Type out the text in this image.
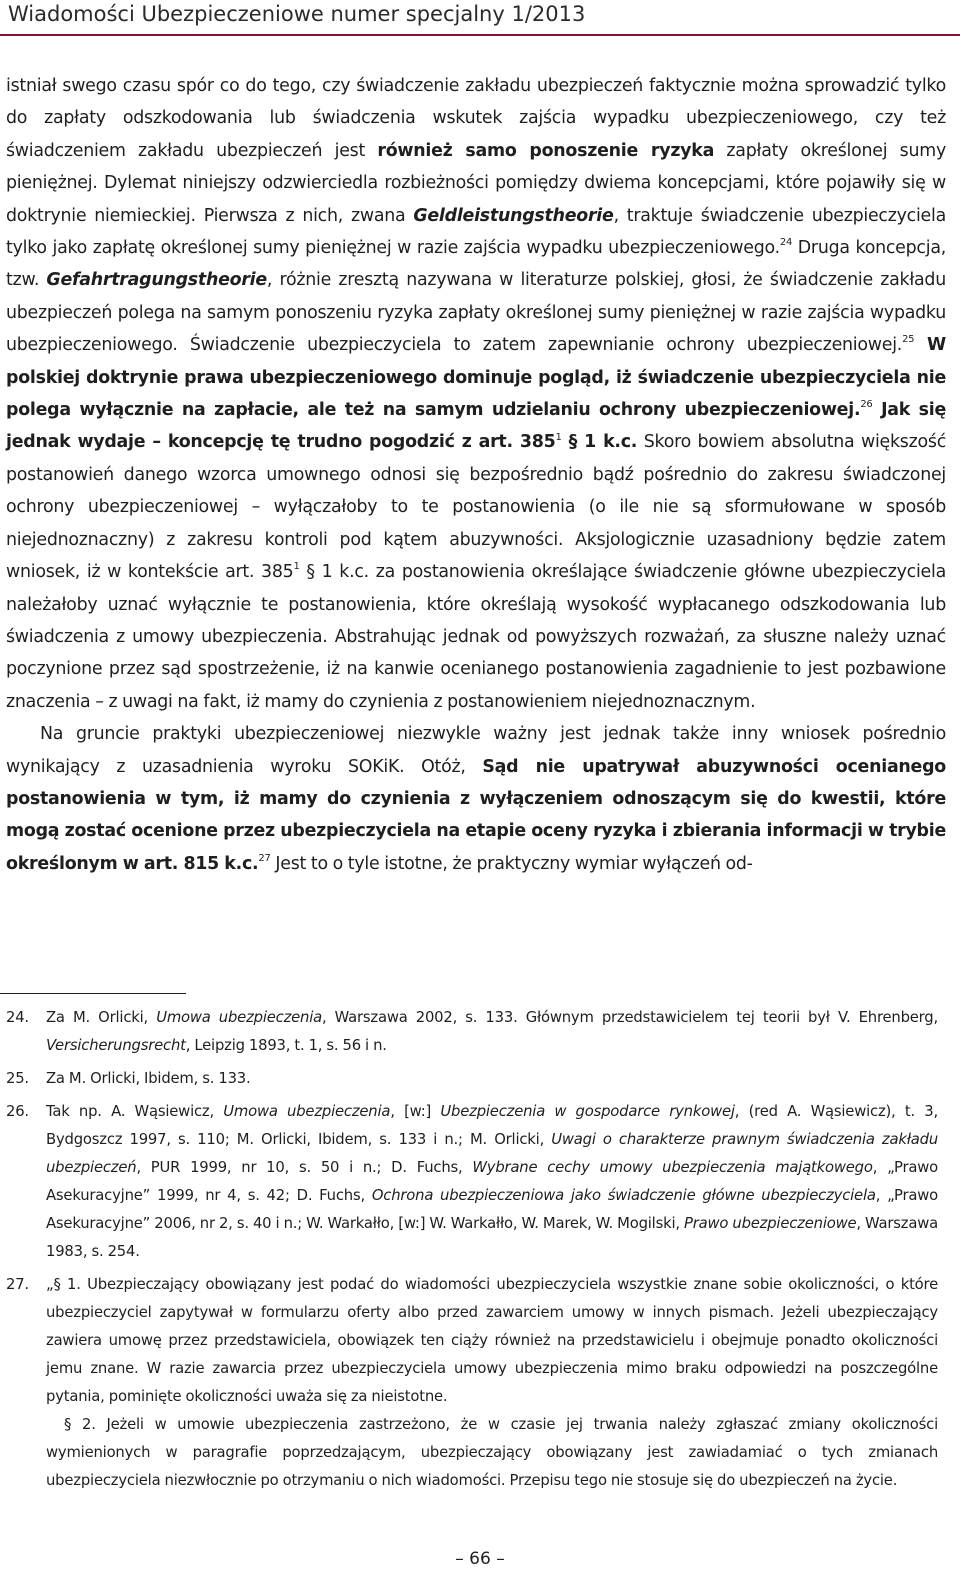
Wiadomości Ubezpieczeniowe numer specjalny 1/2013

istniał swego czasu spór co do tego, czy świadczenie zakładu ubezpieczeń faktycznie można sprowadzić tylko do zapłaty odszkodowania lub świadczenia wskutek zajścia wypadku ubezpieczeniowego, czy też świadczeniem zakładu ubezpieczeń jest również samo ponoszenie ryzyka zapłaty określonej sumy pieniężnej. Dylemat niniejszy odzwierciedla rozbieżności pomiędzy dwiema koncepcjami, które pojawiły się w doktrynie niemieckiej. Pierwsza z nich, zwana Geldleistungstheorie, traktuje świadczenie ubezpieczyciela tylko jako zapłatę określonej sumy pieniężnej w razie zajścia wypadku ubezpieczeniowego.$^{24}$ Druga koncepcja, tzw. Gefahrtragungstheorie, różnie zresztą nazywana w literaturze polskiej, głosi, że świadczenie zakładu ubezpieczeń polega na samym ponoszeniu ryzyka zapłaty określonej sumy pieniężnej w razie zajścia wypadku ubezpieczeniowego. Świadczenie ubezpieczyciela to zatem zapewnianie ochrony ubezpieczeniowej.$^{25}$ W polskiej doktrynie prawa ubezpieczeniowego dominuje pogląd, iż świadczenie ubezpieczyciela nie polega wyłącznie na zapłacie, ale też na samym udzielaniu ochrony ubezpieczeniowej.$^{26}$ Jak się jednak wydaje – koncepcję tę trudno pogodzić z art. $385^1$ § 1 k.c. Skoro bowiem absolutna większość postanowień danego wzorca umownego odnosi się bezpośrednio bądź pośrednio do zakresu świadczonej ochrony ubezpieczeniowej – wyłączałoby to te postanowienia (o ile nie są sformułowane w sposób niejednoznaczny) z zakresu kontroli pod kątem abuzywności. Aksjologicznie uzasadniony będzie zatem wniosek, iż w kontekście art. $385^1$ § 1 k.c. za postanowienia określające świadczenie główne ubezpieczyciela należałoby uznać wyłącznie te postanowienia, które określają wysokość wypłacanego odszkodowania lub świadczenia z umowy ubezpieczenia. Abstrahując jednak od powyższych rozważań, za słuszne należy uznać poczynione przez sąd spostrzeżenie, iż na kanwie ocenianego postanowienia zagadnienie to jest pozbawione znaczenia – z uwagi na fakt, iż mamy do czynienia z postanowieniem niejednoznacznym.

Na gruncie praktyki ubezpieczeniowej niezwykle ważny jest jednak także inny wniosek pośrednio wynikający z uzasadnienia wyroku SOKiK. Otóż, Sąd nie upatrywał abuzywności ocenianego postanowienia w tym, iż mamy do czynienia z wyłączeniem odnoszącym się do kwestii, które mogą zostać ocenione przez ubezpieczyciela na etapie oceny ryzyka i zbierania informacji w trybie określonym w art. 815 k.c.$^{27}$ Jest to o tyle istotne, że praktyczny wymiar wyłączeń od-

24.	Za M. Orlicki, Umowa ubezpieczenia, Warszawa 2002, s. 133. Głównym przedstawicielem tej teorii był V. Ehrenberg, Versicherungsrecht, Leipzig 1893, t. 1, s. 56 i n.
25.	Za M. Orlicki, Ibidem, s. 133.
26.	Tak np. A. Wąsiewicz, Umowa ubezpieczenia, [w:] Ubezpieczenia w gospodarce rynkowej, (red A. Wąsiewicz), t. 3, Bydgoszcz 1997, s. 110; M. Orlicki, Ibidem, s. 133 i n.; M. Orlicki, Uwagi o charakterze prawnym świadczenia zakładu ubezpieczeń, PUR 1999, nr 10, s. 50 i n.; D. Fuchs, Wybrane cechy umowy ubezpieczenia majątkowego, „Prawo Asekuracyjne” 1999, nr 4, s. 42; D. Fuchs, Ochrona ubezpieczeniowa jako świadczenie główne ubezpieczyciela, „Prawo Asekuracyjne” 2006, nr 2, s. 40 i n.; W. Warkałło, [w:] W. Warkałło, W. Marek, W. Mogilski, Prawo ubezpieczeniowe, Warszawa 1983, s. 254.
27.	„§ 1. Ubezpieczający obowiązany jest podać do wiadomości ubezpieczyciela wszystkie znane sobie okoliczności, o które ubezpieczyciel zapytywał w formularzu oferty albo przed zawarciem umowy w innych pismach. Jeżeli ubezpieczający zawiera umowę przez przedstawiciela, obowiązek ten ciąży również na przedstawicielu i obejmuje ponadto okoliczności jemu znane. W razie zawarcia przez ubezpieczyciela umowy ubezpieczenia mimo braku odpowiedzi na poszczególne pytania, pominięte okoliczności uważa się za nieistotne.

§ 2. Jeżeli w umowie ubezpieczenia zastrzeżono, że w czasie jej trwania należy zgłaszać zmiany okoliczności wymienionych w paragrafie poprzedzającym, ubezpieczający obowiązany jest zawiadamiać o tych zmianach ubezpieczyciela niezwłocznie po otrzymaniu o nich wiadomości. Przepisu tego nie stosuje się do ubezpieczeń na życie.

– 66 –
